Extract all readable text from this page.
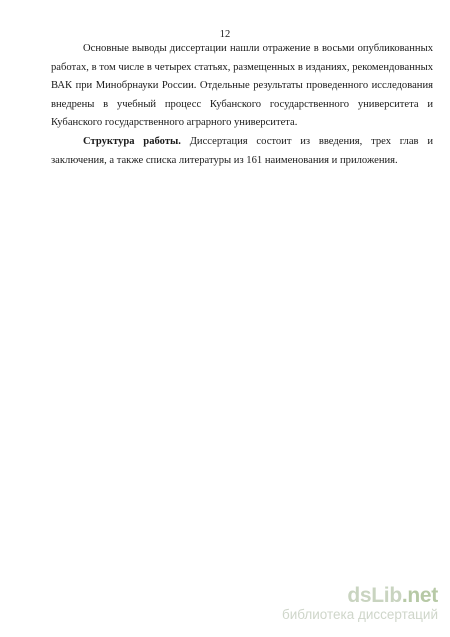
12

Основные выводы диссертации нашли отражение в восьми опубликованных работах, в том числе в четырех статьях, размещенных в изданиях, рекомендованных ВАК при Минобрнауки России. Отдельные результаты проведенного исследования внедрены в учебный процесс Кубанского государственного университета и Кубанского государственного аграрного университета.

Структура работы. Диссертация состоит из введения, трех глав и заключения, а также списка литературы из 161 наименования и приложения.

dsLib.net
библиотека диссертаций
